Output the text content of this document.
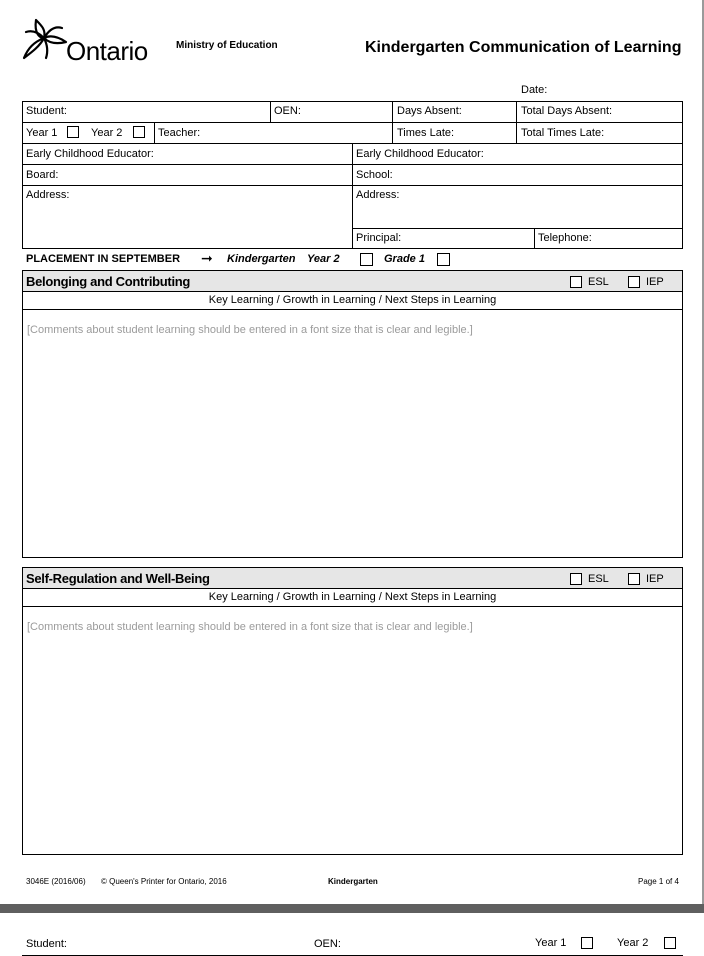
Ontario	Ministry of Education	Kindergarten Communication of Learning
Date:
Student:	OEN:	Days Absent:	Total Days Absent:
Year 1	Year 2	Teacher:	Times Late:	Total Times Late:
Early Childhood Educator:	Early Childhood Educator:
Board:	School:
Address:	Address:
Principal:	Telephone:
PLACEMENT IN SEPTEMBER ➞ Kindergarten Year 2	Grade 1
Belonging and Contributing	ESL	IEP
Key Learning / Growth in Learning / Next Steps in Learning
[Comments about student learning should be entered in a font size that is clear and legible.]
Self-Regulation and Well-Being	ESL	IEP
Key Learning / Growth in Learning / Next Steps in Learning
[Comments about student learning should be entered in a font size that is clear and legible.]
3046E (2016/06) © Queen's Printer for Ontario, 2016	Kindergarten	Page 1 of 4
Student:	OEN:	Year 1	Year 2
